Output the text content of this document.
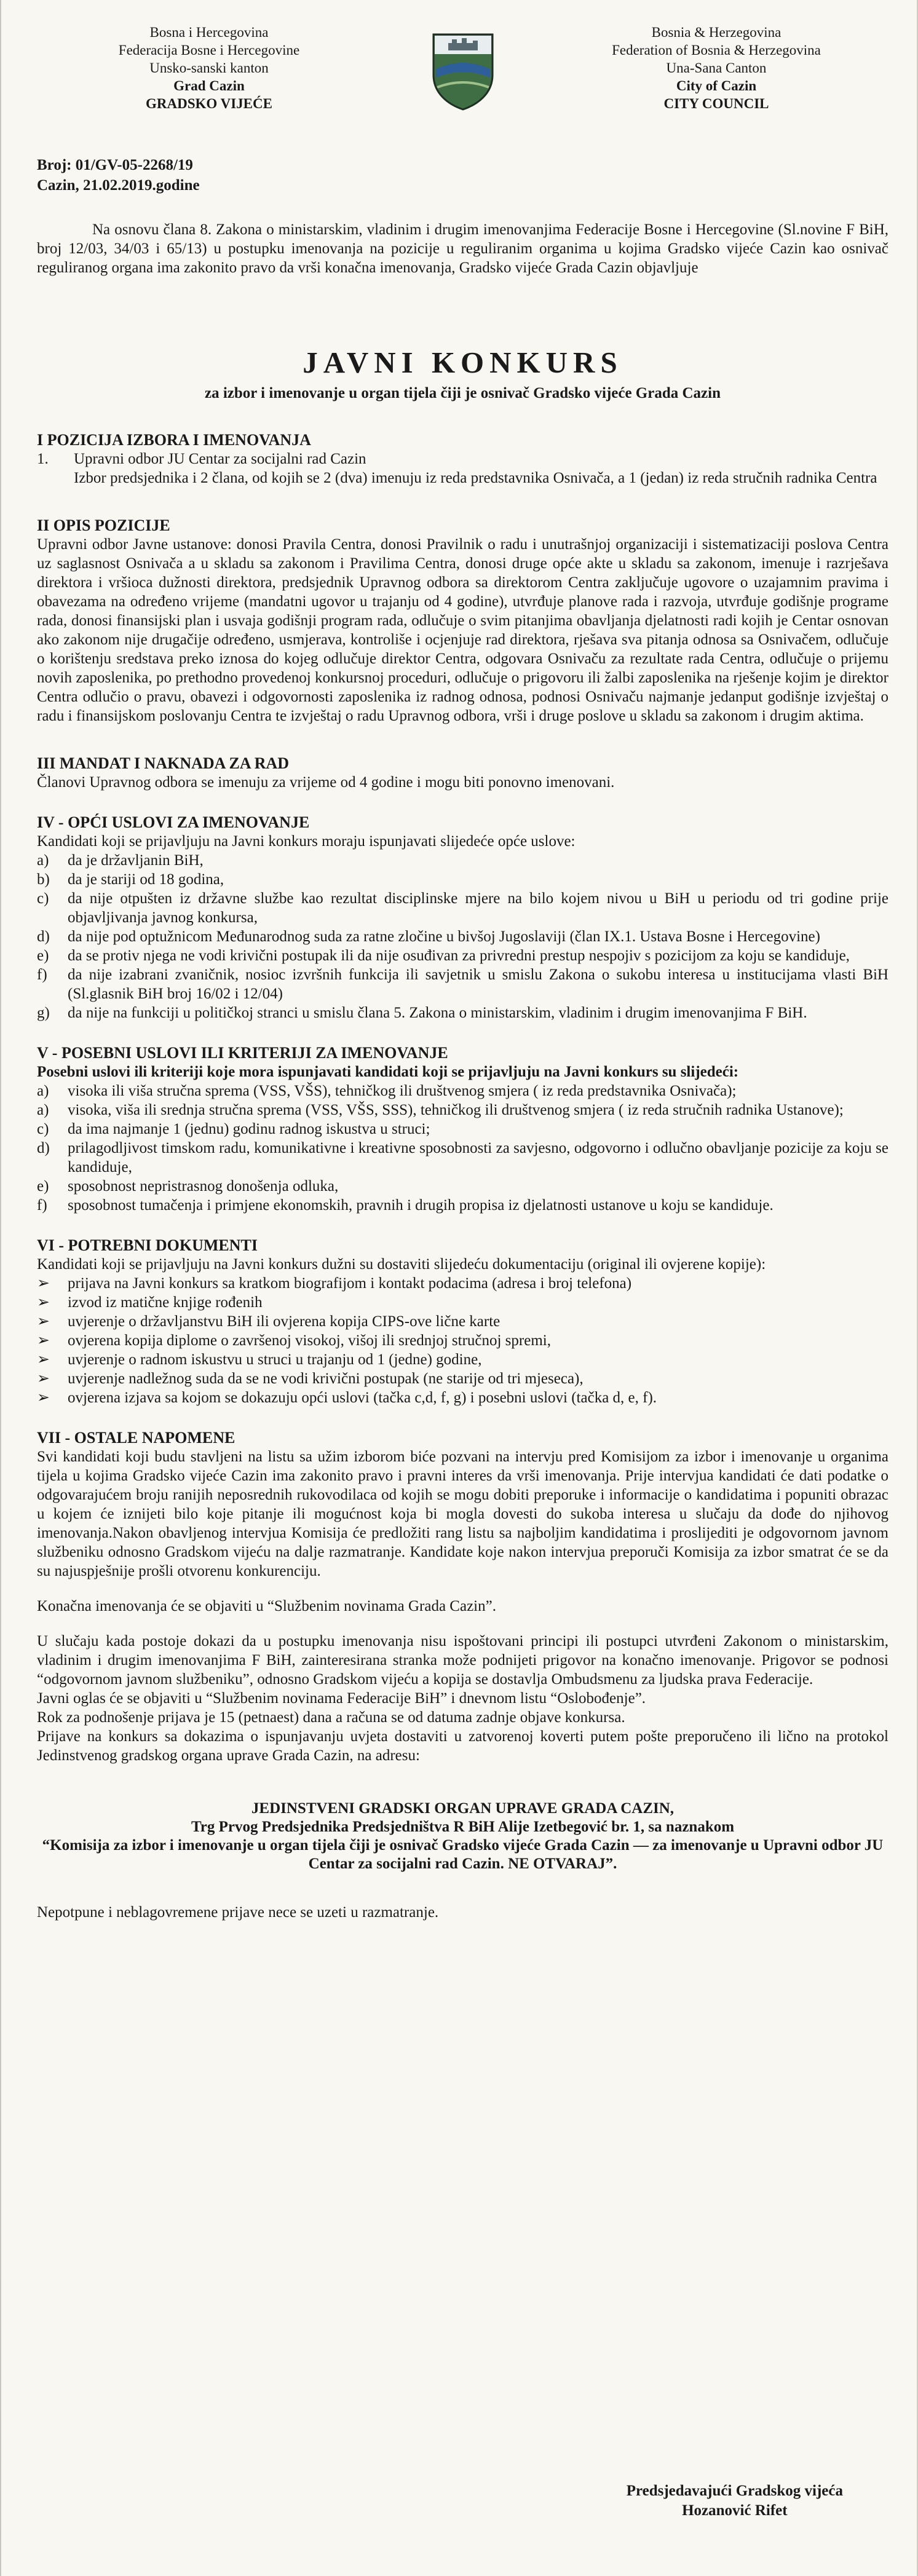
Bosna i Hercegovina
Federacija Bosne i Hercegovine
Unsko-sanski kanton
Grad Cazin
GRADSKO VIJEĆE
Bosnia & Herzegovina
Federation of Bosnia & Herzegovina
Una-Sana Canton
City of Cazin
CITY COUNCIL
Broj: 01/GV-05-2268/19
Cazin, 21.02.2019.godine

Na osnovu člana 8. Zakona o ministarskim, vladinim i drugim imenovanjima Federacije Bosne i Hercegovine (Sl.novine F BiH, broj 12/03, 34/03 i 65/13) u postupku imenovanja na pozicije u reguliranim organima u kojima Gradsko vijeće Cazin kao osnivač reguliranog organa ima zakonito pravo da vrši konačna imenovanja, Gradsko vijeće Grada Cazin objavljuje

JAVNI KONKURS
za izbor i imenovanje u organ tijela čiji je osnivač Gradsko vijeće Grada Cazin
I POZICIJA IZBORA I IMENOVANJA
1.	Upravni odbor JU Centar za socijalni rad Cazin
Izbor predsjednika i 2 člana, od kojih se 2 (dva) imenuju iz reda predstavnika Osnivača, a 1 (jedan) iz reda stručnih radnika Centra
II OPIS POZICIJE

Upravni odbor Javne ustanove: donosi Pravila Centra, donosi Pravilnik o radu i unutrašnjoj organizaciji i sistematizaciji poslova Centra uz saglasnost Osnivača a u skladu sa zakonom i Pravilima Centra, donosi druge opće akte u skladu sa zakonom, imenuje i razrješava direktora i vršioca dužnosti direktora, predsjednik Upravnog odbora sa direktorom Centra zaključuje ugovore o uzajamnim pravima i obavezama na određeno vrijeme (mandatni ugovor u trajanju od 4 godine), utvrđuje planove rada i razvoja, utvrđuje godišnje programe rada, donosi finansijski plan i usvaja godišnji program rada, odlučuje o svim pitanjima obavljanja djelatnosti radi kojih je Centar osnovan ako zakonom nije drugačije određeno, usmjerava, kontroliše i ocjenjuje rad direktora, rješava sva pitanja odnosa sa Osnivačem, odlučuje o korištenju sredstava preko iznosa do kojeg odlučuje direktor Centra, odgovara Osnivaču za rezultate rada Centra, odlučuje o prijemu novih zaposlenika, po prethodno provedenoj konkursnoj proceduri, odlučuje o prigovoru ili žalbi zaposlenika na rješenje kojim je direktor Centra odlučio o pravu, obavezi i odgovornosti zaposlenika iz radnog odnosa, podnosi Osnivaču najmanje jedanput godišnje izvještaj o radu i finansijskom poslovanju Centra te izvještaj o radu Upravnog odbora, vrši i druge poslove u skladu sa zakonom i drugim aktima.

III MANDAT I NAKNADA ZA RAD

Članovi Upravnog odbora se imenuju za vrijeme od 4 godine i mogu biti ponovno imenovani.

IV - OPĆI USLOVI ZA IMENOVANJE

Kandidati koji se prijavljuju na Javni konkurs moraju ispunjavati slijedeće opće uslove:

a)	da je državljanin BiH,
b)	da je stariji od 18 godina,
c)	da nije otpušten iz državne službe kao rezultat disciplinske mjere na bilo kojem nivou u BiH u periodu od tri godine prije objavljivanja javnog konkursa,
d)	da nije pod optužnicom Međunarodnog suda za ratne zločine u bivšoj Jugoslaviji (član IX.1. Ustava Bosne i Hercegovine)
e)	da se protiv njega ne vodi krivični postupak ili da nije osuđivan za privredni prestup nespojiv s pozicijom za koju se kandiduje,
f)	da nije izabrani zvaničnik, nosioc izvršnih funkcija ili savjetnik u smislu Zakona o sukobu interesa u institucijama vlasti BiH (Sl.glasnik BiH broj 16/02 i 12/04)
g)	da nije na funkciji u političkoj stranci u smislu člana 5. Zakona o ministarskim, vladinim i drugim imenovanjima F BiH.
V - POSEBNI USLOVI ILI KRITERIJI ZA IMENOVANJE

Posebni uslovi ili kriteriji koje mora ispunjavati kandidati koji se prijavljuju na Javni konkurs su slijedeći:

a)	visoka ili viša stručna sprema (VSS, VŠS), tehničkog ili društvenog smjera ( iz reda predstavnika Osnivača);
a)	visoka, viša ili srednja stručna sprema (VSS, VŠS, SSS), tehničkog ili društvenog smjera ( iz reda stručnih radnika Ustanove);
c)	da ima najmanje 1 (jednu) godinu radnog iskustva u struci;
d)	prilagodljivost timskom radu, komunikativne i kreativne sposobnosti za savjesno, odgovorno i odlučno obavljanje pozicije za koju se kandiduje,
e)	sposobnost nepristrasnog donošenja odluka,
f)	sposobnost tumačenja i primjene ekonomskih, pravnih i drugih propisa iz djelatnosti ustanove u koju se kandiduje.
VI - POTREBNI DOKUMENTI

Kandidati koji se prijavljuju na Javni konkurs dužni su dostaviti slijedeću dokumentaciju (original ili ovjerene kopije):

➢	prijava na Javni konkurs sa kratkom biografijom i kontakt podacima (adresa i broj telefona)
➢	izvod iz matične knjige rođenih
➢	uvjerenje o državljanstvu BiH ili ovjerena kopija CIPS-ove lične karte
➢	ovjerena kopija diplome o završenoj visokoj, višoj ili srednjoj stručnoj spremi,
➢	uvjerenje o radnom iskustvu u struci u trajanju od 1 (jedne) godine,
➢	uvjerenje nadležnog suda da se ne vodi krivični postupak (ne starije od tri mjeseca),
➢	ovjerena izjava sa kojom se dokazuju opći uslovi (tačka c,d, f, g) i posebni uslovi (tačka d, e, f).
VII - OSTALE NAPOMENE

Svi kandidati koji budu stavljeni na listu sa užim izborom biće pozvani na intervju pred Komisijom za izbor i imenovanje u organima tijela u kojima Gradsko vijeće Cazin ima zakonito pravo i pravni interes da vrši imenovanja. Prije intervjua kandidati će dati podatke o odgovarajućem broju ranijih neposrednih rukovodilaca od kojih se mogu dobiti preporuke i informacije o kandidatima i popuniti obrazac u kojem će iznijeti bilo koje pitanje ili mogućnost koja bi mogla dovesti do sukoba interesa u slučaju da dođe do njihovog imenovanja.Nakon obavljenog intervjua Komisija će predložiti rang listu sa najboljim kandidatima i proslijediti je odgovornom javnom službeniku odnosno Gradskom vijeću na dalje razmatranje. Kandidate koje nakon intervjua preporuči Komisija za izbor smatrat će se da su najuspješnije prošli otvorenu konkurenciju.

Konačna imenovanja će se objaviti u “Službenim novinama Grada Cazin”.

U slučaju kada postoje dokazi da u postupku imenovanja nisu ispoštovani principi ili postupci utvrđeni Zakonom o ministarskim, vladinim i drugim imenovanjima F BiH, zainteresirana stranka može podnijeti prigovor na konačno imenovanje. Prigovor se podnosi “odgovornom javnom službeniku”, odnosno Gradskom vijeću a kopija se dostavlja Ombudsmenu za ljudska prava Federacije.

Javni oglas će se objaviti u “Službenim novinama Federacije BiH” i dnevnom listu “Oslobođenje”.

Rok za podnošenje prijava je 15 (petnaest) dana a računa se od datuma zadnje objave konkursa.

Prijave na konkurs sa dokazima o ispunjavanju uvjeta dostaviti u zatvorenoj koverti putem pošte preporučeno ili lično na protokol Jedinstvenog gradskog organa uprave Grada Cazin, na adresu:

JEDINSTVENI GRADSKI ORGAN UPRAVE GRADA CAZIN,
Trg Prvog Predsjednika Predsjedništva R BiH Alije Izetbegović br. 1, sa naznakom
“Komisija za izbor i imenovanje u organ tijela čiji je osnivač Gradsko vijeće Grada Cazin — za imenovanje u Upravni odbor JU Centar za socijalni rad Cazin. NE OTVARAJ”.

Nepotpune i neblagovremene prijave nece se uzeti u razmatranje.

Predsjedavajući Gradskog vijeća
Hozanović Rifet
